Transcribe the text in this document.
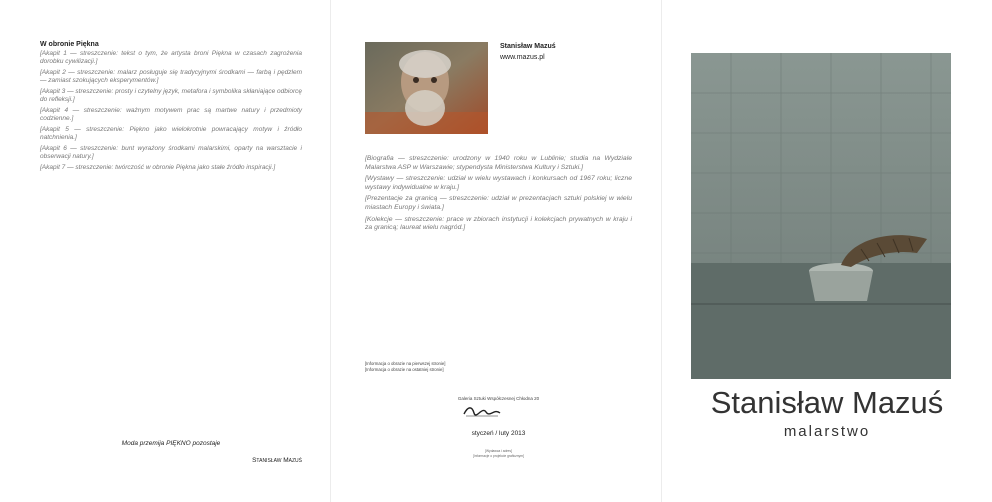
W obronie Piękna

[Akapit 1 — streszczenie: tekst o tym, że artysta broni Piękna w czasach zagrożenia dorobku cywilizacji.]

[Akapit 2 — streszczenie: malarz posługuje się tradycyjnymi środkami — farbą i pędzlem — zamiast szokujących eksperymentów.]

[Akapit 3 — streszczenie: prosty i czytelny język, metafora i symbolika skłaniające odbiorcę do refleksji.]

[Akapit 4 — streszczenie: ważnym motywem prac są martwe natury i przedmioty codzienne.]

[Akapit 5 — streszczenie: Piękno jako wielokrotnie powracający motyw i źródło natchnienia.]

[Akapit 6 — streszczenie: bunt wyrażony środkami malarskimi, oparty na warsztacie i obserwacji natury.]

[Akapit 7 — streszczenie: twórczość w obronie Piękna jako stałe źródło inspiracji.]

Moda przemija PIĘKNO pozostaje
Stanisław Mazuś
Stanisław Mazuś
www.mazus.pl

[Biografia — streszczenie: urodzony w 1940 roku w Lublinie; studia na Wydziale Malarstwa ASP w Warszawie; stypendysta Ministerstwa Kultury i Sztuki.]

[Wystawy — streszczenie: udział w wielu wystawach i konkursach od 1967 roku; liczne wystawy indywidualne w kraju.]

[Prezentacje za granicą — streszczenie: udział w prezentacjach sztuki polskiej w wielu miastach Europy i świata.]

[Kolekcje — streszczenie: prace w zbiorach instytucji i kolekcjach prywatnych w kraju i za granicą; laureat wielu nagród.]

[Informacja o obrazie na pierwszej stronie]
[Informacja o obrazie na ostatniej stronie]
Galeria Sztuki Współczesnej Chłodna 20
styczeń / luty 2013
[Wydawca i adres]
[Informacje o projekcie graficznym]
Stanisław Mazuś
malarstwo
